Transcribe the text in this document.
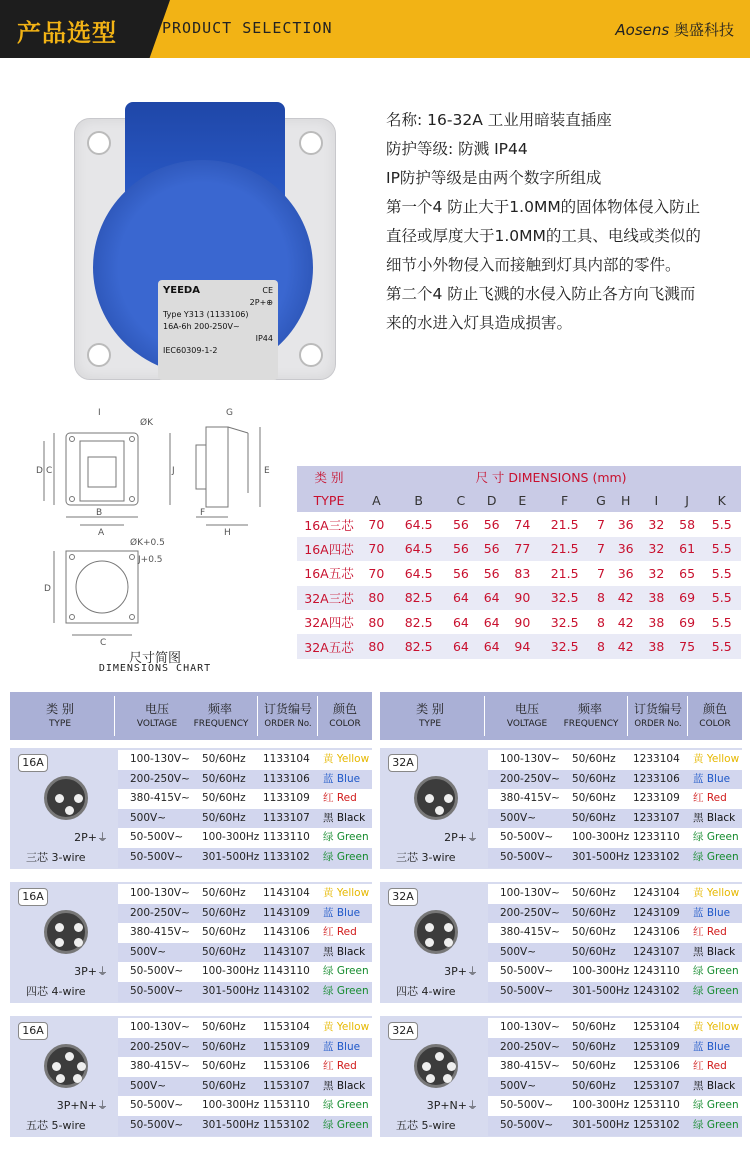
产品选型	PRODUCT SELECTION	Aosens 奥盛科技
YEEDA	CE
2P+⊕
Type Y313 (1133106)
16A-6h 200-250V~
IP44
IEC60309-1-2
名称: 16-32A 工业用暗装直插座
防护等级: 防溅 IP44
IP防护等级是由两个数字所组成
第一个4 防止大于1.0MM的固体物体侵入防止
直径或厚度大于1.0MM的工具、电线或类似的
细节小外物侵入而接触到灯具内部的零件。
第二个4 防止飞溅的水侵入防止各方向飞溅而
来的水进入灯具造成损害。
I
ØK
B
A
C
D
G
J	E
F
H
ØK+0.5
J+0.5
D
C
尺寸简图
DIMENSIONS CHART
类 别	尺 寸 DIMENSIONS (mm)										
TYPE	A	B	C	D	E	F	G	H	I	J	K
16A三芯	70	64.5	56	56	74	21.5	7	36	32	58	5.5
16A四芯	70	64.5	56	56	77	21.5	7	36	32	61	5.5
16A五芯	70	64.5	56	56	83	21.5	7	36	32	65	5.5
32A三芯	80	82.5	64	64	90	32.5	8	42	38	69	5.5
32A四芯	80	82.5	64	64	90	32.5	8	42	38	69	5.5
32A五芯	80	82.5	64	64	94	32.5	8	42	38	75	5.5
类 别
TYPE
电压	频率
VOLTAGE	FREQUENCY
订货编号
ORDER No.
颜色
COLOR
16A
2P+⏚
三芯 3-wire
100-130V~ 50/60Hz 1133104 黄 Yellow
200-250V~ 50/60Hz 1133106 蓝 Blue
380-415V~ 50/60Hz 1133109 红 Red
500V~	50/60Hz 1133107 黑 Black
50-500V~ 100-300Hz 1133110 绿 Green
50-500V~ 301-500Hz 1133102 绿 Green
16A
3P+⏚
四芯 4-wire
100-130V~ 50/60Hz 1143104 黄 Yellow
200-250V~ 50/60Hz 1143109 蓝 Blue
380-415V~ 50/60Hz 1143106 红 Red
500V~	50/60Hz 1143107 黑 Black
50-500V~ 100-300Hz 1143110 绿 Green
50-500V~ 301-500Hz 1143102 绿 Green
16A
3P+N+⏚
五芯 5-wire
100-130V~ 50/60Hz 1153104 黄 Yellow
200-250V~ 50/60Hz 1153109 蓝 Blue
380-415V~ 50/60Hz 1153106 红 Red
500V~	50/60Hz 1153107 黑 Black
50-500V~ 100-300Hz 1153110 绿 Green
50-500V~ 301-500Hz 1153102 绿 Green
类 别
TYPE
电压	频率
VOLTAGE	FREQUENCY
订货编号
ORDER No.
颜色
COLOR
32A
2P+⏚
三芯 3-wire
100-130V~ 50/60Hz 1233104 黄 Yellow
200-250V~ 50/60Hz 1233106 蓝 Blue
380-415V~ 50/60Hz 1233109 红 Red
500V~	50/60Hz 1233107 黑 Black
50-500V~ 100-300Hz 1233110 绿 Green
50-500V~ 301-500Hz 1233102 绿 Green
32A
3P+⏚
四芯 4-wire
100-130V~ 50/60Hz 1243104 黄 Yellow
200-250V~ 50/60Hz 1243109 蓝 Blue
380-415V~ 50/60Hz 1243106 红 Red
500V~	50/60Hz 1243107 黑 Black
50-500V~ 100-300Hz 1243110 绿 Green
50-500V~ 301-500Hz 1243102 绿 Green
32A
3P+N+⏚
五芯 5-wire
100-130V~ 50/60Hz 1253104 黄 Yellow
200-250V~ 50/60Hz 1253109 蓝 Blue
380-415V~ 50/60Hz 1253106 红 Red
500V~	50/60Hz 1253107 黑 Black
50-500V~ 100-300Hz 1253110 绿 Green
50-500V~ 301-500Hz 1253102 绿 Green
